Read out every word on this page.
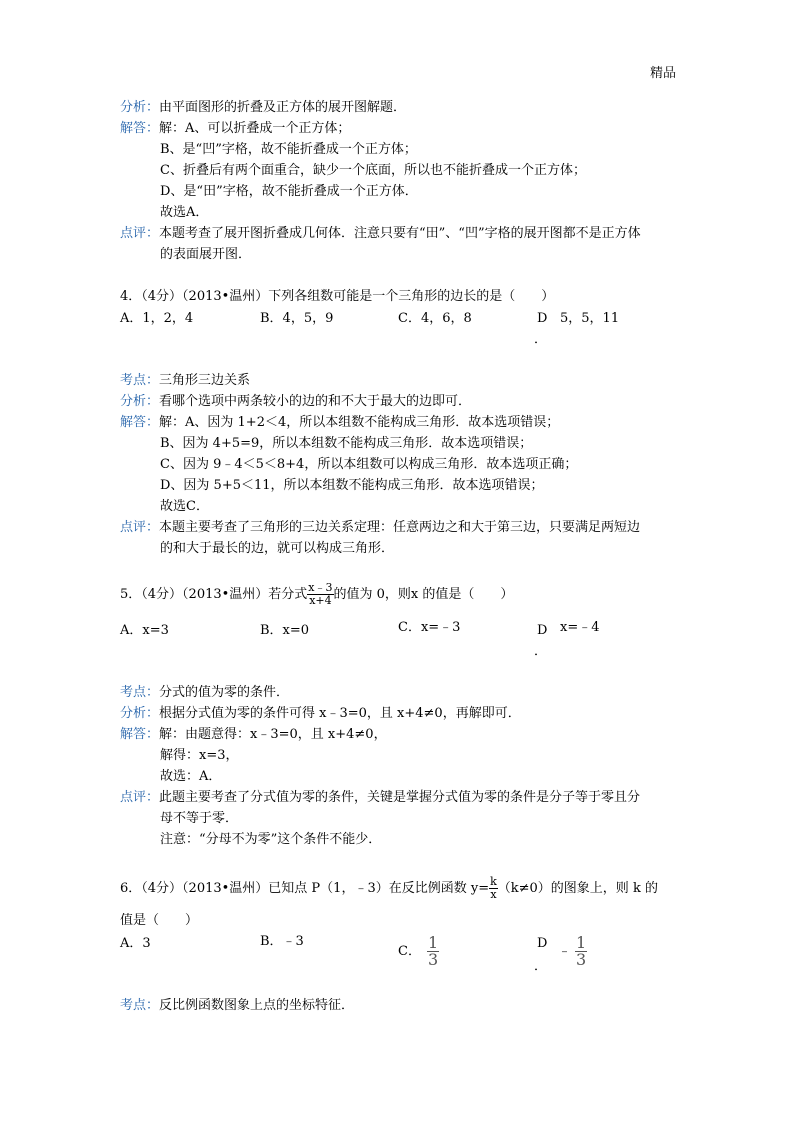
精品
分析：由平面图形的折叠及正方体的展开图解题．
解答：解：A、可以折叠成一个正方体；
B、是“凹”字格，故不能折叠成一个正方体；
C、折叠后有两个面重合，缺少一个底面，所以也不能折叠成一个正方体；
D、是“田”字格，故不能折叠成一个正方体．
故选A．
点评：本题考查了展开图折叠成几何体．注意只要有“田”、“凹”字格的展开图都不是正方体
的表面展开图．
4．（4分）（2013•温州）下列各组数可能是一个三角形的边长的是（　　）
A．1，2，4	B．4，5，9	C．4，6，8	D 5，5，11
．
考点：三角形三边关系
分析：看哪个选项中两条较小的边的和不大于最大的边即可．
解答：解：A、因为 1+2＜4，所以本组数不能构成三角形．故本选项错误；
B、因为 4+5=9，所以本组数不能构成三角形．故本选项错误；
C、因为 9﹣4＜5＜8+4，所以本组数可以构成三角形．故本选项正确；
D、因为 5+5＜11，所以本组数不能构成三角形．故本选项错误；
故选C．
点评：本题主要考查了三角形的三边关系定理：任意两边之和大于第三边，只要满足两短边
的和大于最长的边，就可以构成三角形．
5．（4分）（2013•温州）若分式 $\frac{x﹣3}{x+4}$ 的值为 0，则x 的值是（　　）
A．x=3	B．x=0	C．x=﹣3	D x=﹣4
．
考点：分式的值为零的条件．
分析：根据分式值为零的条件可得 x﹣3=0，且 x+4≠0，再解即可．
解答：解：由题意得：x﹣3=0，且 x+4≠0，
解得：x=3，
故选：A．
点评：此题主要考查了分式值为零的条件，关键是掌握分式值为零的条件是分子等于零且分
母不等于零．
注意：“分母不为零”这个条件不能少．
6．（4分）（2013•温州）已知点 P（1，﹣3）在反比例函数 $y= \frac{k}{x} (k\ne 0)$的图象上，则 k 的
值是（　　）
A．3	B．﹣3
C． $\frac{1}{3}$	D
﹣ $\frac{1}{3}$
．
考点：反比例函数图象上点的坐标特征．
